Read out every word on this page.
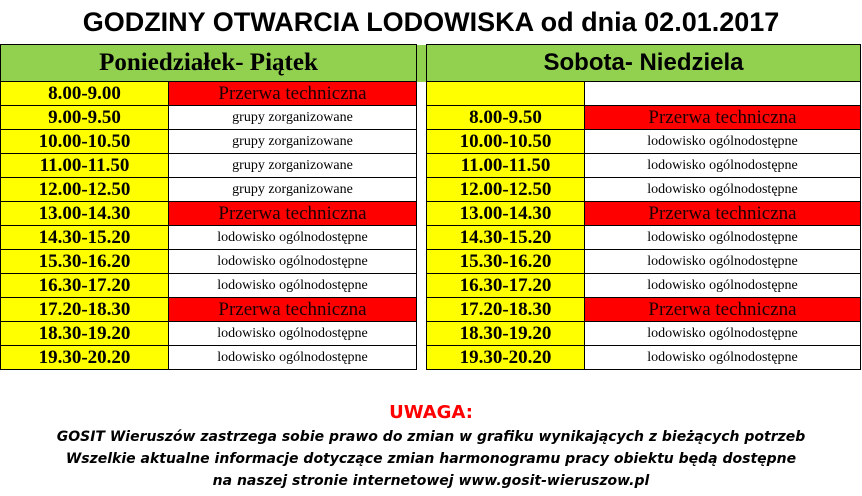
GODZINY OTWARCIA LODOWISKA od dnia 02.01.2017
Poniedziałek- Piątek			Sobota- Niedziela	
8.00-9.00	Przerwa techniczna			
9.00-9.50	grupy zorganizowane		8.00-9.50	Przerwa techniczna
10.00-10.50	grupy zorganizowane		10.00-10.50	lodowisko ogólnodostępne
11.00-11.50	grupy zorganizowane		11.00-11.50	lodowisko ogólnodostępne
12.00-12.50	grupy zorganizowane		12.00-12.50	lodowisko ogólnodostępne
13.00-14.30	Przerwa techniczna		13.00-14.30	Przerwa techniczna
14.30-15.20	lodowisko ogólnodostępne		14.30-15.20	lodowisko ogólnodostępne
15.30-16.20	lodowisko ogólnodostępne		15.30-16.20	lodowisko ogólnodostępne
16.30-17.20	lodowisko ogólnodostępne		16.30-17.20	lodowisko ogólnodostępne
17.20-18.30	Przerwa techniczna		17.20-18.30	Przerwa techniczna
18.30-19.20	lodowisko ogólnodostępne		18.30-19.20	lodowisko ogólnodostępne
19.30-20.20	lodowisko ogólnodostępne		19.30-20.20	lodowisko ogólnodostępne

UWAGA:
GOSIT Wieruszów zastrzega sobie prawo do zmian w grafiku wynikających z bieżących potrzeb
Wszelkie aktualne informacje dotyczące zmian harmonogramu pracy obiektu będą dostępne
na naszej stronie internetowej www.gosit-wieruszow.pl
